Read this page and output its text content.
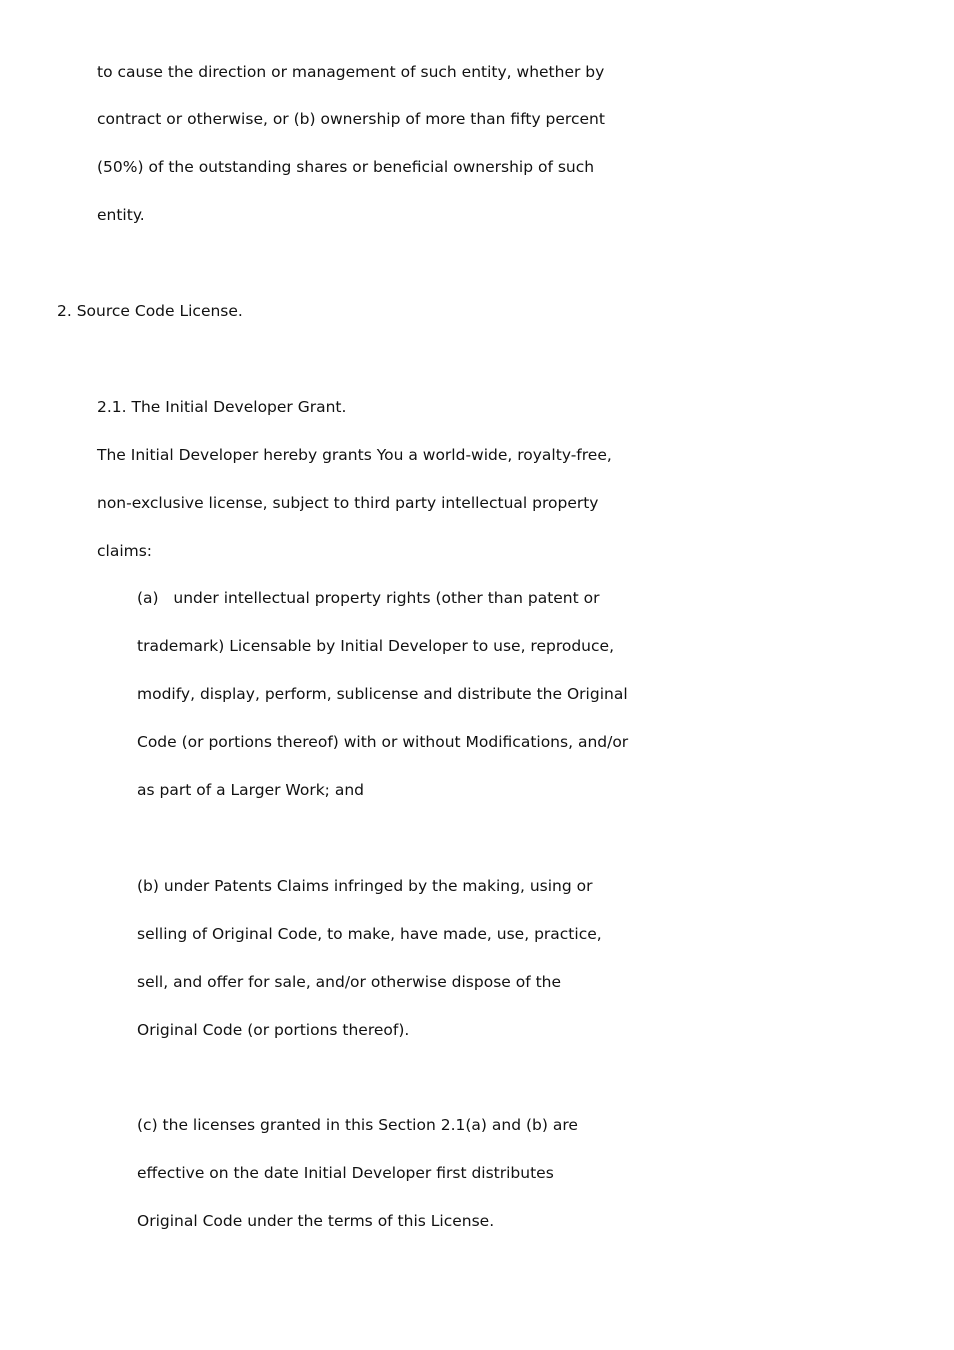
to cause the direction or management of such entity, whether by
contract or otherwise, or (b) ownership of more than fifty percent
(50%) of the outstanding shares or beneficial ownership of such
entity.
2. Source Code License.
2.1. The Initial Developer Grant.
The Initial Developer hereby grants You a world-wide, royalty-free,
non-exclusive license, subject to third party intellectual property
claims:
(a)   under intellectual property rights (other than patent or
trademark) Licensable by Initial Developer to use, reproduce,
modify, display, perform, sublicense and distribute the Original
Code (or portions thereof) with or without Modifications, and/or
as part of a Larger Work; and
(b) under Patents Claims infringed by the making, using or
selling of Original Code, to make, have made, use, practice,
sell, and offer for sale, and/or otherwise dispose of the
Original Code (or portions thereof).
(c) the licenses granted in this Section 2.1(a) and (b) are
effective on the date Initial Developer first distributes
Original Code under the terms of this License.
